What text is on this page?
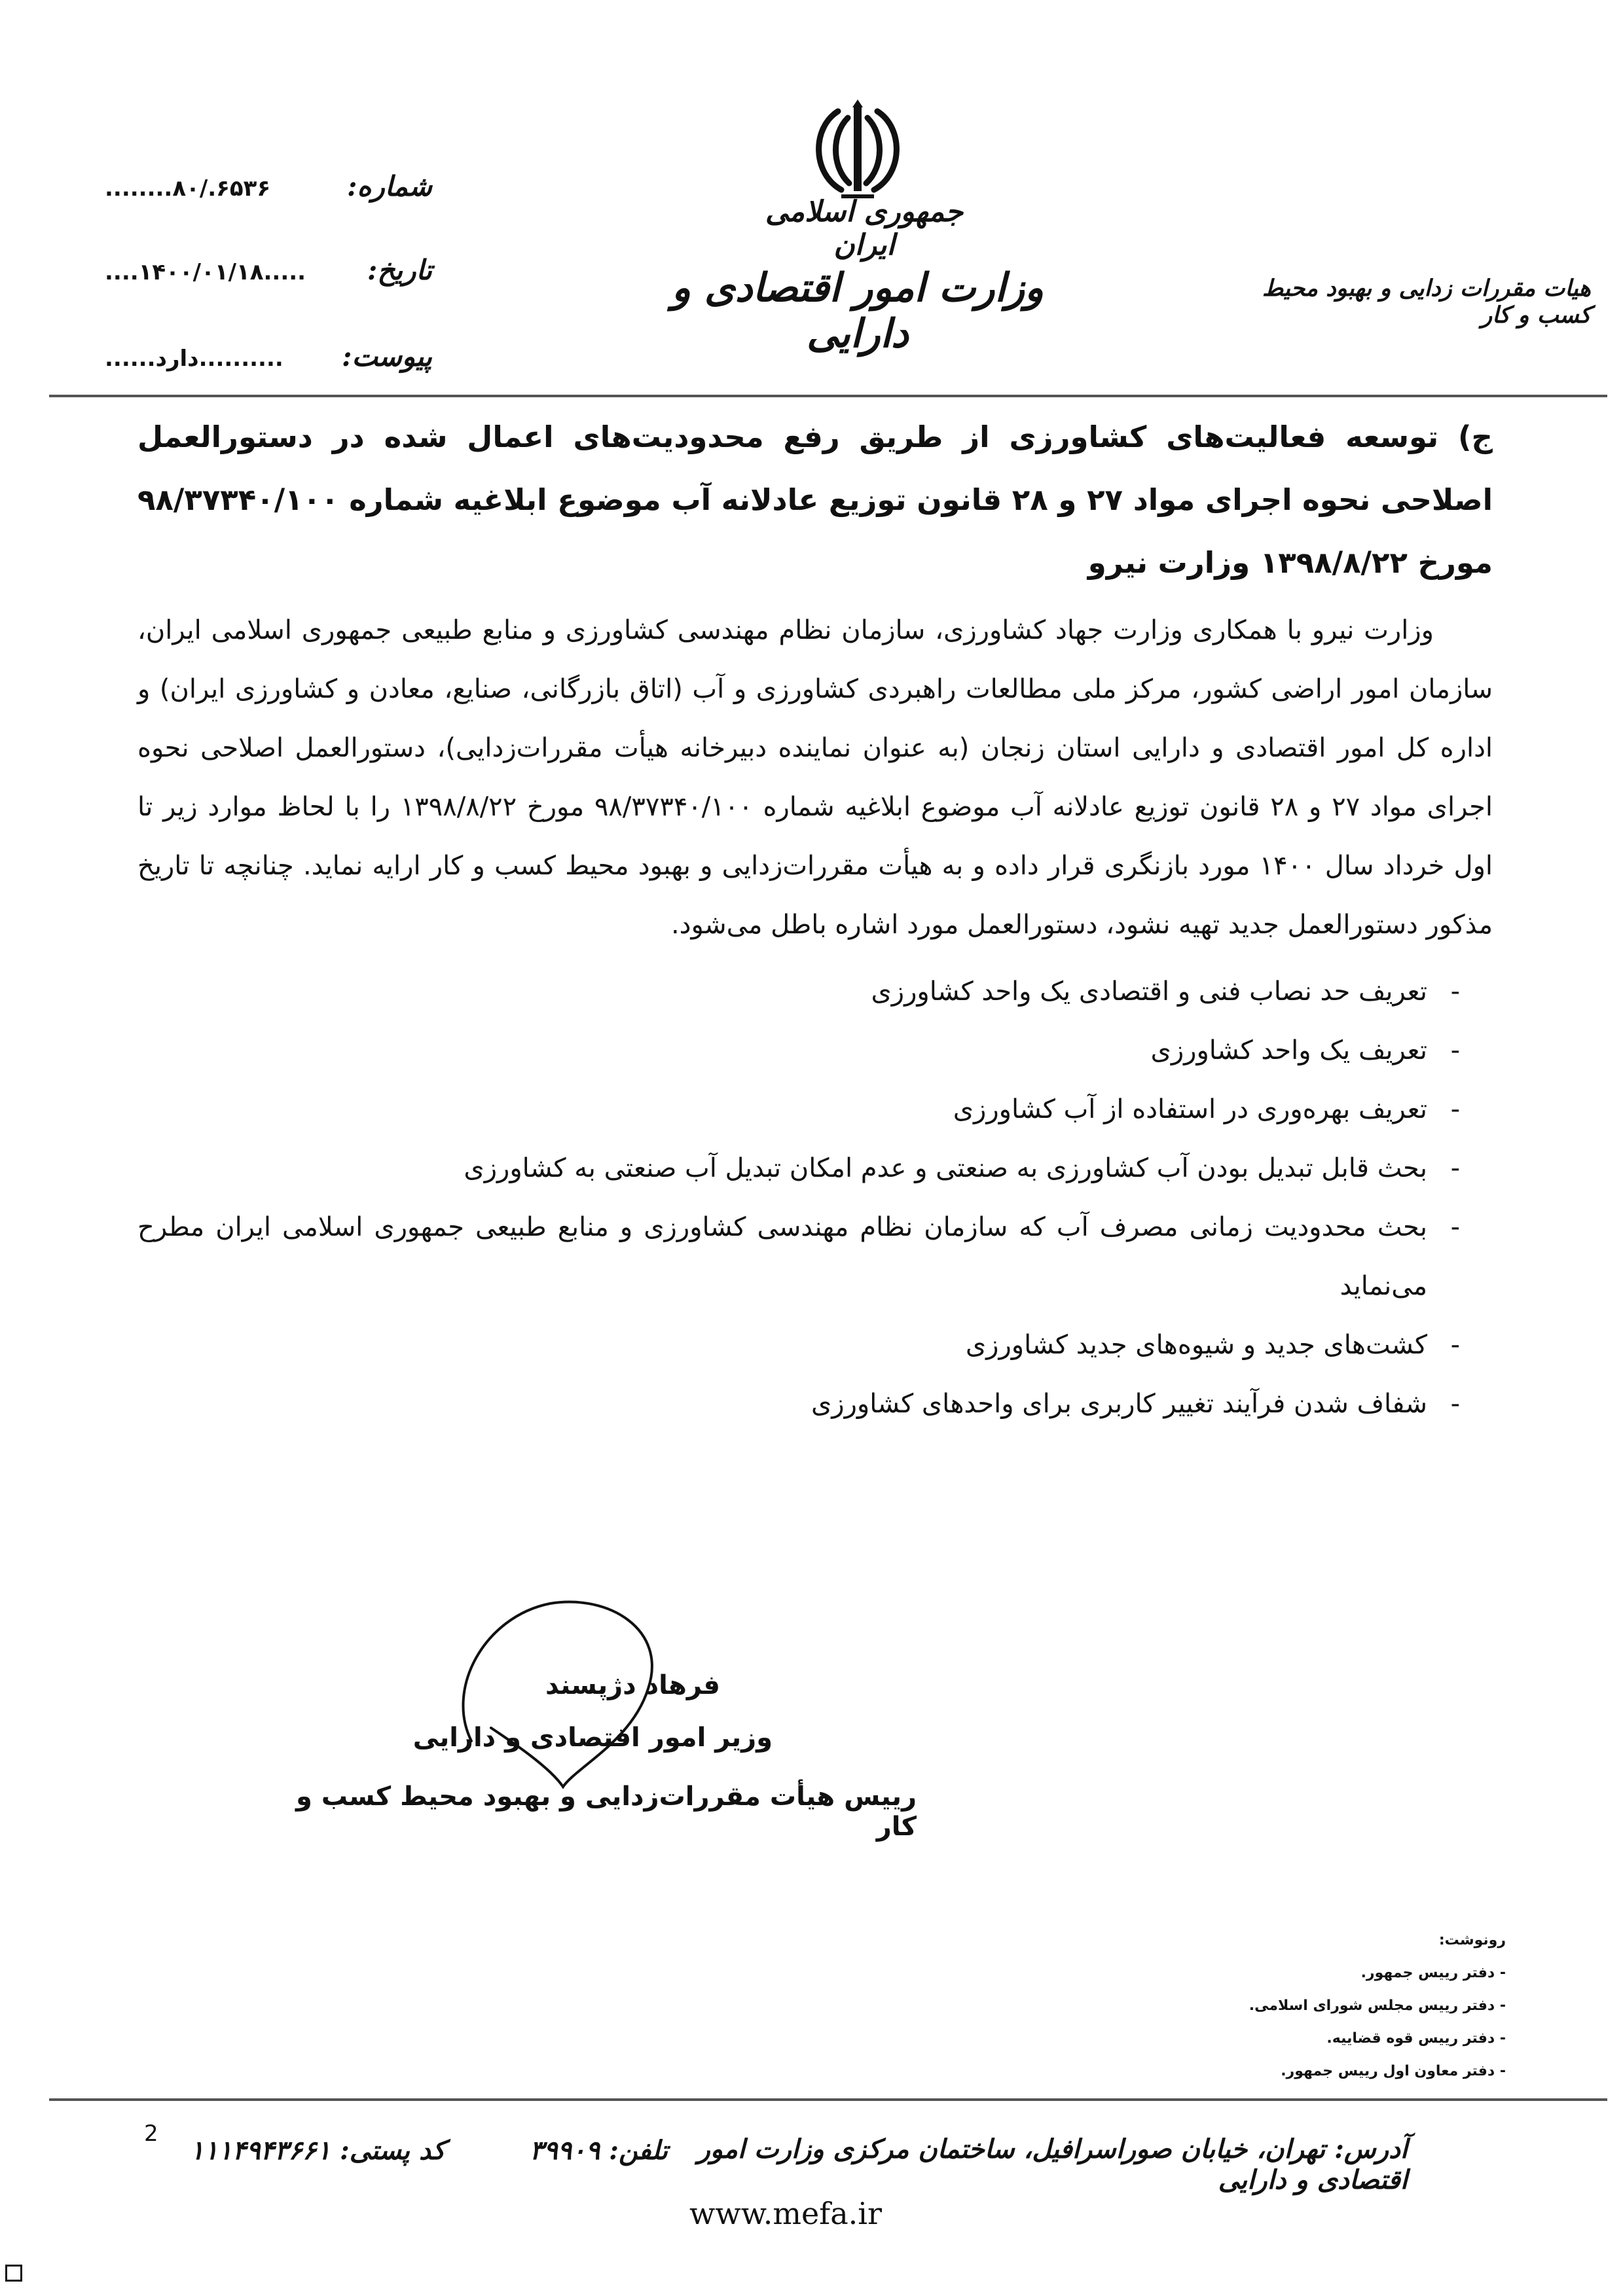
جمهوری اسلامی ایران
وزارت امور اقتصادی و دارایی
هیات مقررات زدایی و بهبود محیط کسب و کار
شماره:
........۸۰/.۶۵۳۶
تاریخ:
....۱۴۰۰/۰۱/۱۸.....
پیوست:
..........دارد......
ج) توسعه فعالیت‌های کشاورزی از طریق رفع محدودیت‌های اعمال شده در دستورالعمل اصلاحی نحوه اجرای مواد ۲۷ و ۲۸ قانون توزیع عادلانه آب موضوع ابلاغیه شماره ۹۸/۳۷۳۴۰/۱۰۰ مورخ ۱۳۹۸/۸/۲۲ وزارت نیرو
وزارت نیرو با همکاری وزارت جهاد کشاورزی، سازمان نظام مهندسی کشاورزی و منابع طبیعی جمهوری اسلامی ایران، سازمان امور اراضی کشور، مرکز ملی مطالعات راهبردی کشاورزی و آب (اتاق بازرگانی، صنایع، معادن و کشاورزی ایران) و اداره کل امور اقتصادی و دارایی استان زنجان (به عنوان نماینده دبیرخانه هیأت مقررات‌زدایی)، دستورالعمل اصلاحی نحوه اجرای مواد ۲۷ و ۲۸ قانون توزیع عادلانه آب موضوع ابلاغیه شماره ۹۸/۳۷۳۴۰/۱۰۰ مورخ ۱۳۹۸/۸/۲۲ را با لحاظ موارد زیر تا اول خرداد سال ۱۴۰۰ مورد بازنگری قرار داده و به هیأت مقررات‌زدایی و بهبود محیط کسب و کار ارایه نماید. چنانچه تا تاریخ مذکور دستورالعمل جدید تهیه نشود، دستورالعمل مورد اشاره باطل می‌شود.
- تعریف حد نصاب فنی و اقتصادی یک واحد کشاورزی
- تعریف یک واحد کشاورزی
- تعریف بهره‌وری در استفاده از آب کشاورزی
- بحث قابل تبدیل بودن آب کشاورزی به صنعتی و عدم امکان تبدیل آب صنعتی به کشاورزی
- بحث محدودیت زمانی مصرف آب که سازمان نظام مهندسی کشاورزی و منابع طبیعی جمهوری اسلامی ایران مطرح می‌نماید
- کشت‌های جدید و شیوه‌های جدید کشاورزی
- شفاف شدن فرآیند تغییر کاربری برای واحدهای کشاورزی
فرهاد دژپسند
وزیر امور اقتصادی و دارایی
رییس هیأت مقررات‌زدایی و بهبود محیط کسب و کار
رونوشت:
- دفتر رییس جمهور.
- دفتر رییس مجلس شورای اسلامی.
- دفتر رییس قوه قضاییه.
- دفتر معاون اول رییس جمهور.
2	آدرس: تهران، خیابان صوراسرافیل، ساختمان مرکزی وزارت امور اقتصادی و دارایی
تلفن: ۳۹۹۰۹
کد پستی: ۱۱۱۴۹۴۳۶۶۱
www.mefa.ir
